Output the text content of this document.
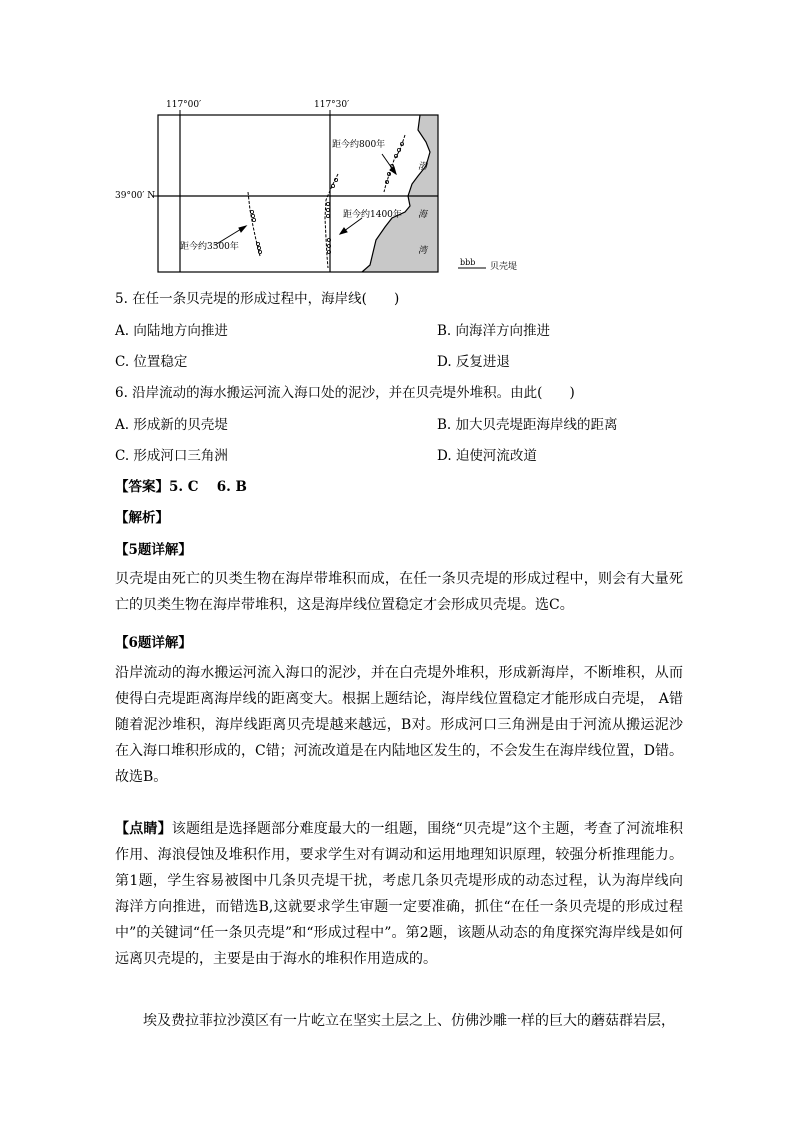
117°00′	117°30′
39°00′ N
距今约800年
距今约1400年
距今约3500年
渤
海
湾
bbb 贝壳堤
5. 在任一条贝壳堤的形成过程中，海岸线(　　)
A. 向陆地方向推进	B. 向海洋方向推进
C. 位置稳定	D. 反复进退
6. 沿岸流动的海水搬运河流入海口处的泥沙，并在贝壳堤外堆积。由此(　　)
A. 形成新的贝壳堤	B. 加大贝壳堤距海岸线的距离
C. 形成河口三角洲	D. 迫使河流改道
【答案】5. C　 6. B
【解析】
【5题详解】
贝壳堤由死亡的贝类生物在海岸带堆积而成，在任一条贝壳堤的形成过程中，则会有大量死亡的贝类生物在海岸带堆积，这是海岸线位置稳定才会形成贝壳堤。选C。
【6题详解】
沿岸流动的海水搬运河流入海口的泥沙，并在白壳堤外堆积，形成新海岸，不断堆积，从而使得白壳堤距离海岸线的距离变大。根据上题结论，海岸线位置稳定才能形成白壳堤， A错随着泥沙堆积，海岸线距离贝壳堤越来越远，B对。形成河口三角洲是由于河流从搬运泥沙在入海口堆积形成的，C错；河流改道是在内陆地区发生的，不会发生在海岸线位置，D错。故选B。
【点睛】该题组是选择题部分难度最大的一组题，围绕“贝壳堤”这个主题，考查了河流堆积作用、海浪侵蚀及堆积作用，要求学生对有调动和运用地理知识原理，较强分析推理能力。第1题，学生容易被图中几条贝壳堤干扰，考虑几条贝壳堤形成的动态过程，认为海岸线向海洋方向推进，而错选B,这就要求学生审题一定要准确，抓住“在任一条贝壳堤的形成过程中”的关键词“任一条贝壳堤”和“形成过程中”。第2题，该题从动态的角度探究海岸线是如何远离贝壳堤的，主要是由于海水的堆积作用造成的。
埃及费拉菲拉沙漠区有一片屹立在坚实土层之上、仿佛沙雕一样的巨大的蘑菇群岩层，
